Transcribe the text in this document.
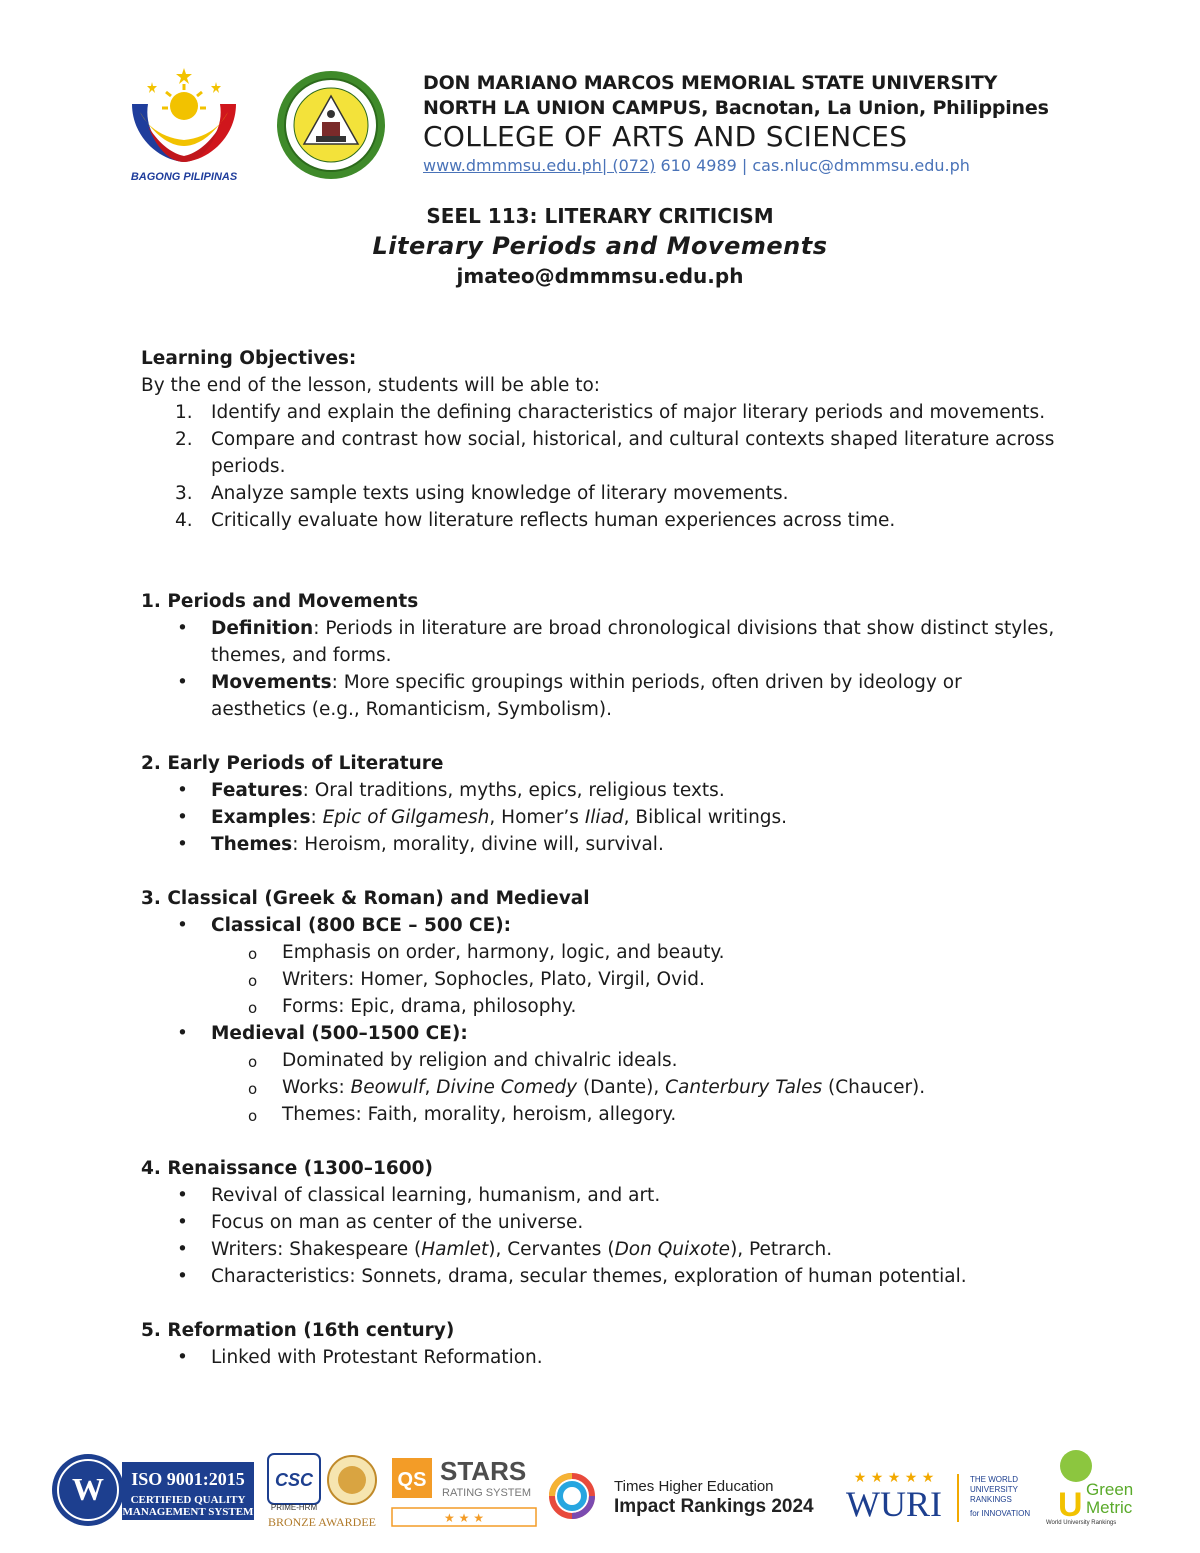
BAGONG PILIPINAS
DON MARIANO MARCOS MEMORIAL STATE UNIVERSITY
NORTH LA UNION CAMPUS, Bacnotan, La Union, Philippines
COLLEGE OF ARTS AND SCIENCES
www.dmmmsu.edu.ph| (072) 610 4989 | cas.nluc@dmmmsu.edu.ph
SEEL 113: LITERARY CRITICISM
Literary Periods and Movements
jmateo@dmmmsu.edu.ph

Learning Objectives:

By the end of the lesson, students will be able to:

1. Identify and explain the defining characteristics of major literary periods and movements.
2. Compare and contrast how social, historical, and cultural contexts shaped literature across periods.
3. Analyze sample texts using knowledge of literary movements.
4. Critically evaluate how literature reflects human experiences across time.

1. Periods and Movements

• Definition: Periods in literature are broad chronological divisions that show distinct styles, themes, and forms.
• Movements: More specific groupings within periods, often driven by ideology or aesthetics (e.g., Romanticism, Symbolism).

2. Early Periods of Literature

• Features: Oral traditions, myths, epics, religious texts.
• Examples: Epic of Gilgamesh, Homer’s Iliad, Biblical writings.
• Themes: Heroism, morality, divine will, survival.

3. Classical (Greek & Roman) and Medieval

• Classical (800 BCE – 500 CE):
o Emphasis on order, harmony, logic, and beauty.
o Writers: Homer, Sophocles, Plato, Virgil, Ovid.
o Forms: Epic, drama, philosophy.
• Medieval (500–1500 CE):
o Dominated by religion and chivalric ideals.
o Works: Beowulf, Divine Comedy (Dante), Canterbury Tales (Chaucer).
o Themes: Faith, morality, heroism, allegory.

4. Renaissance (1300–1600)

• Revival of classical learning, humanism, and art.
• Focus on man as center of the universe.
• Writers: Shakespeare (Hamlet), Cervantes (Don Quixote), Petrarch.
• Characteristics: Sonnets, drama, secular themes, exploration of human potential.

5. Reformation (16th century)

• Linked with Protestant Reformation.
W ISO 9001:2015
CERTIFIED QUALITY
MANAGEMENT SYSTEM
CSC
PRIME-HRM
BRONZE AWARDEE
QS STARS
RATING SYSTEM
★ ★ ★
Times Higher Education
Impact Rankings 2024
★ ★ ★ ★ ★
WURI
THE WORLD
UNIVERSITY
RANKINGS
for INNOVATION U Green
Metric
World University Rankings
